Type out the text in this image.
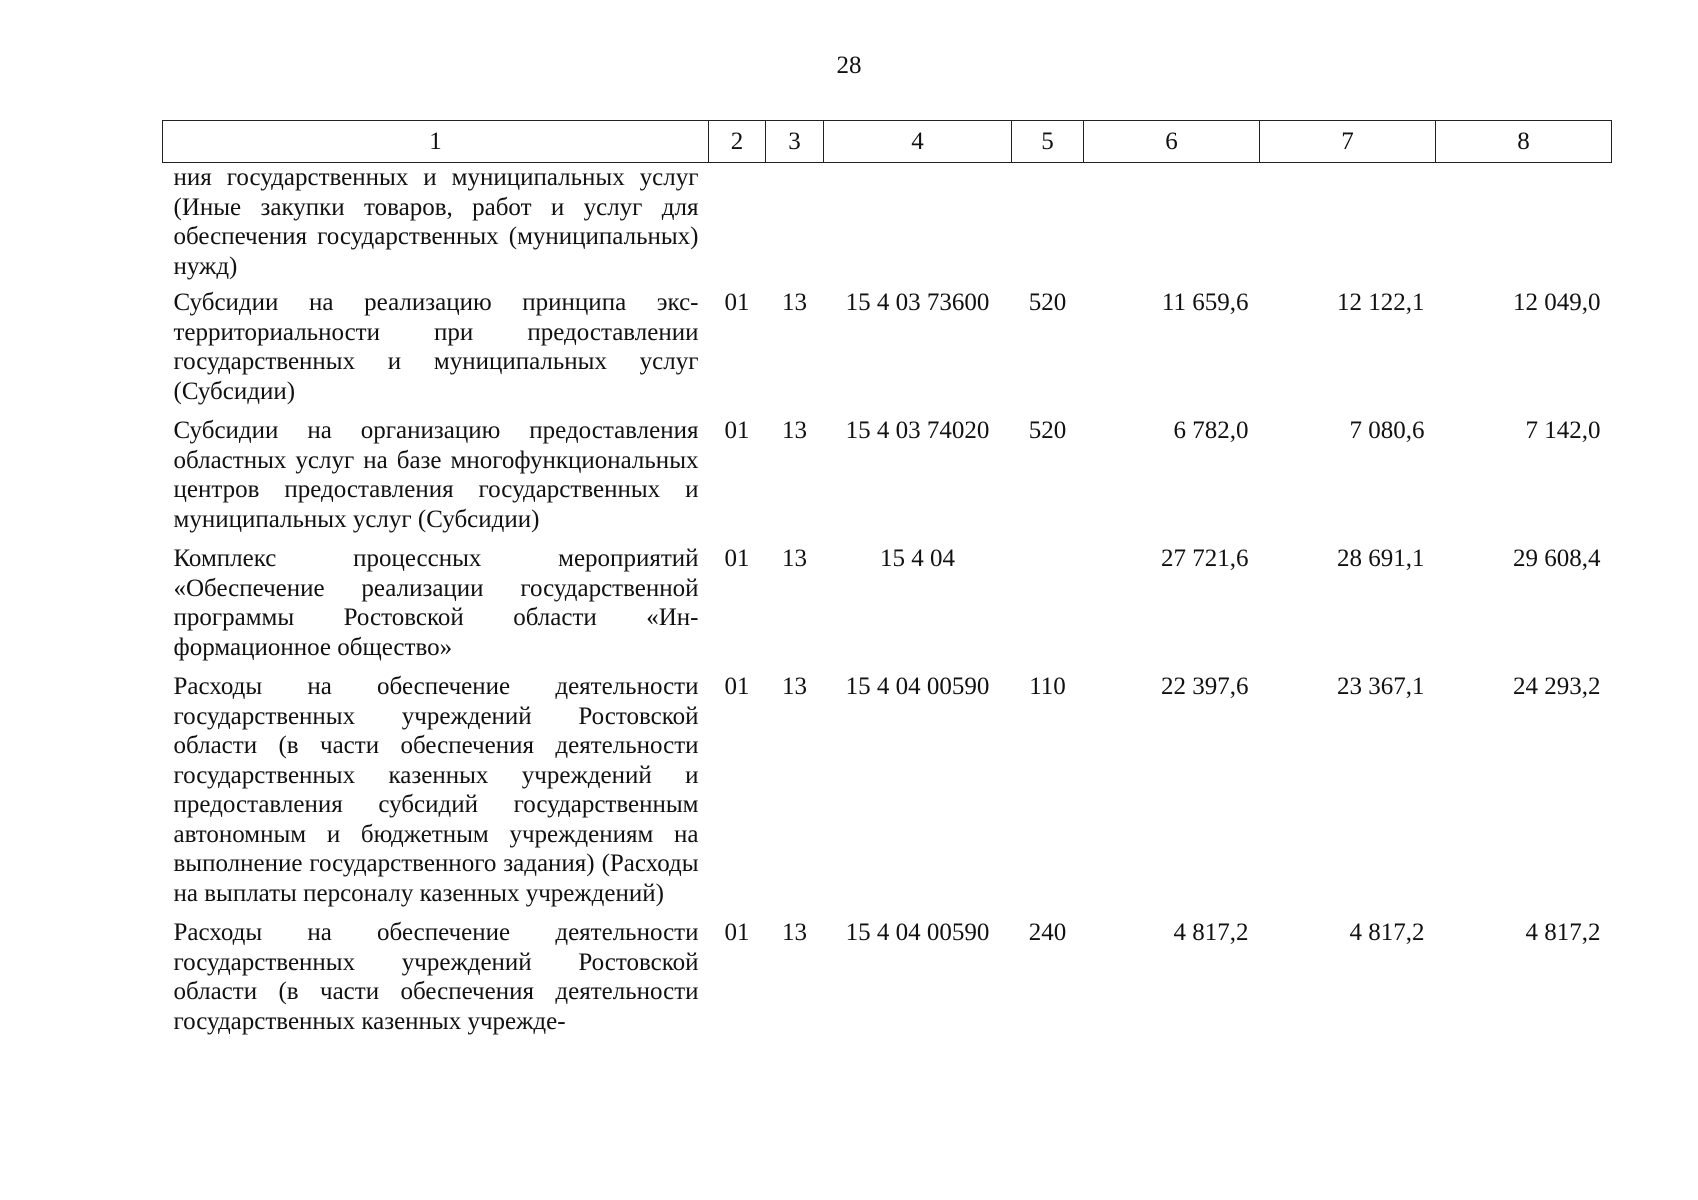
28
1	2	3	4	5	6	7	8
ния государственных и муниципальных услуг (Иные закупки товаров, работ и услуг для обеспечения государственных (муниципальных) нужд)							
Субсидии на реализацию принципа экстерриториальности при предоставлении государственных и муниципальных услуг (Субсидии)	01	13	15 4 03 73600	520	11 659,6	12 122,1	12 049,0
Субсидии на организацию предоставления областных услуг на базе многофункциональных центров предоставления государственных и муниципальных услуг (Субсидии)	01	13	15 4 03 74020	520	6 782,0	7 080,6	7 142,0
Комплекс процессных мероприятий «Обеспечение реализации государственной программы Ростовской области «Информационное общество»	01	13	15 4 04		27 721,6	28 691,1	29 608,4
Расходы на обеспечение деятельности государственных учреждений Ростовской области (в части обеспечения деятельности государственных казенных учреждений и предоставления субсидий государственным автономным и бюджетным учреждениям на выполнение государственного задания) (Расходы на выплаты персоналу казенных учреждений)	01	13	15 4 04 00590	110	22 397,6	23 367,1	24 293,2
Расходы на обеспечение деятельности государственных учреждений Ростовской области (в части обеспечения деятельности государственных казенных учрежде-	01	13	15 4 04 00590	240	4 817,2	4 817,2	4 817,2
